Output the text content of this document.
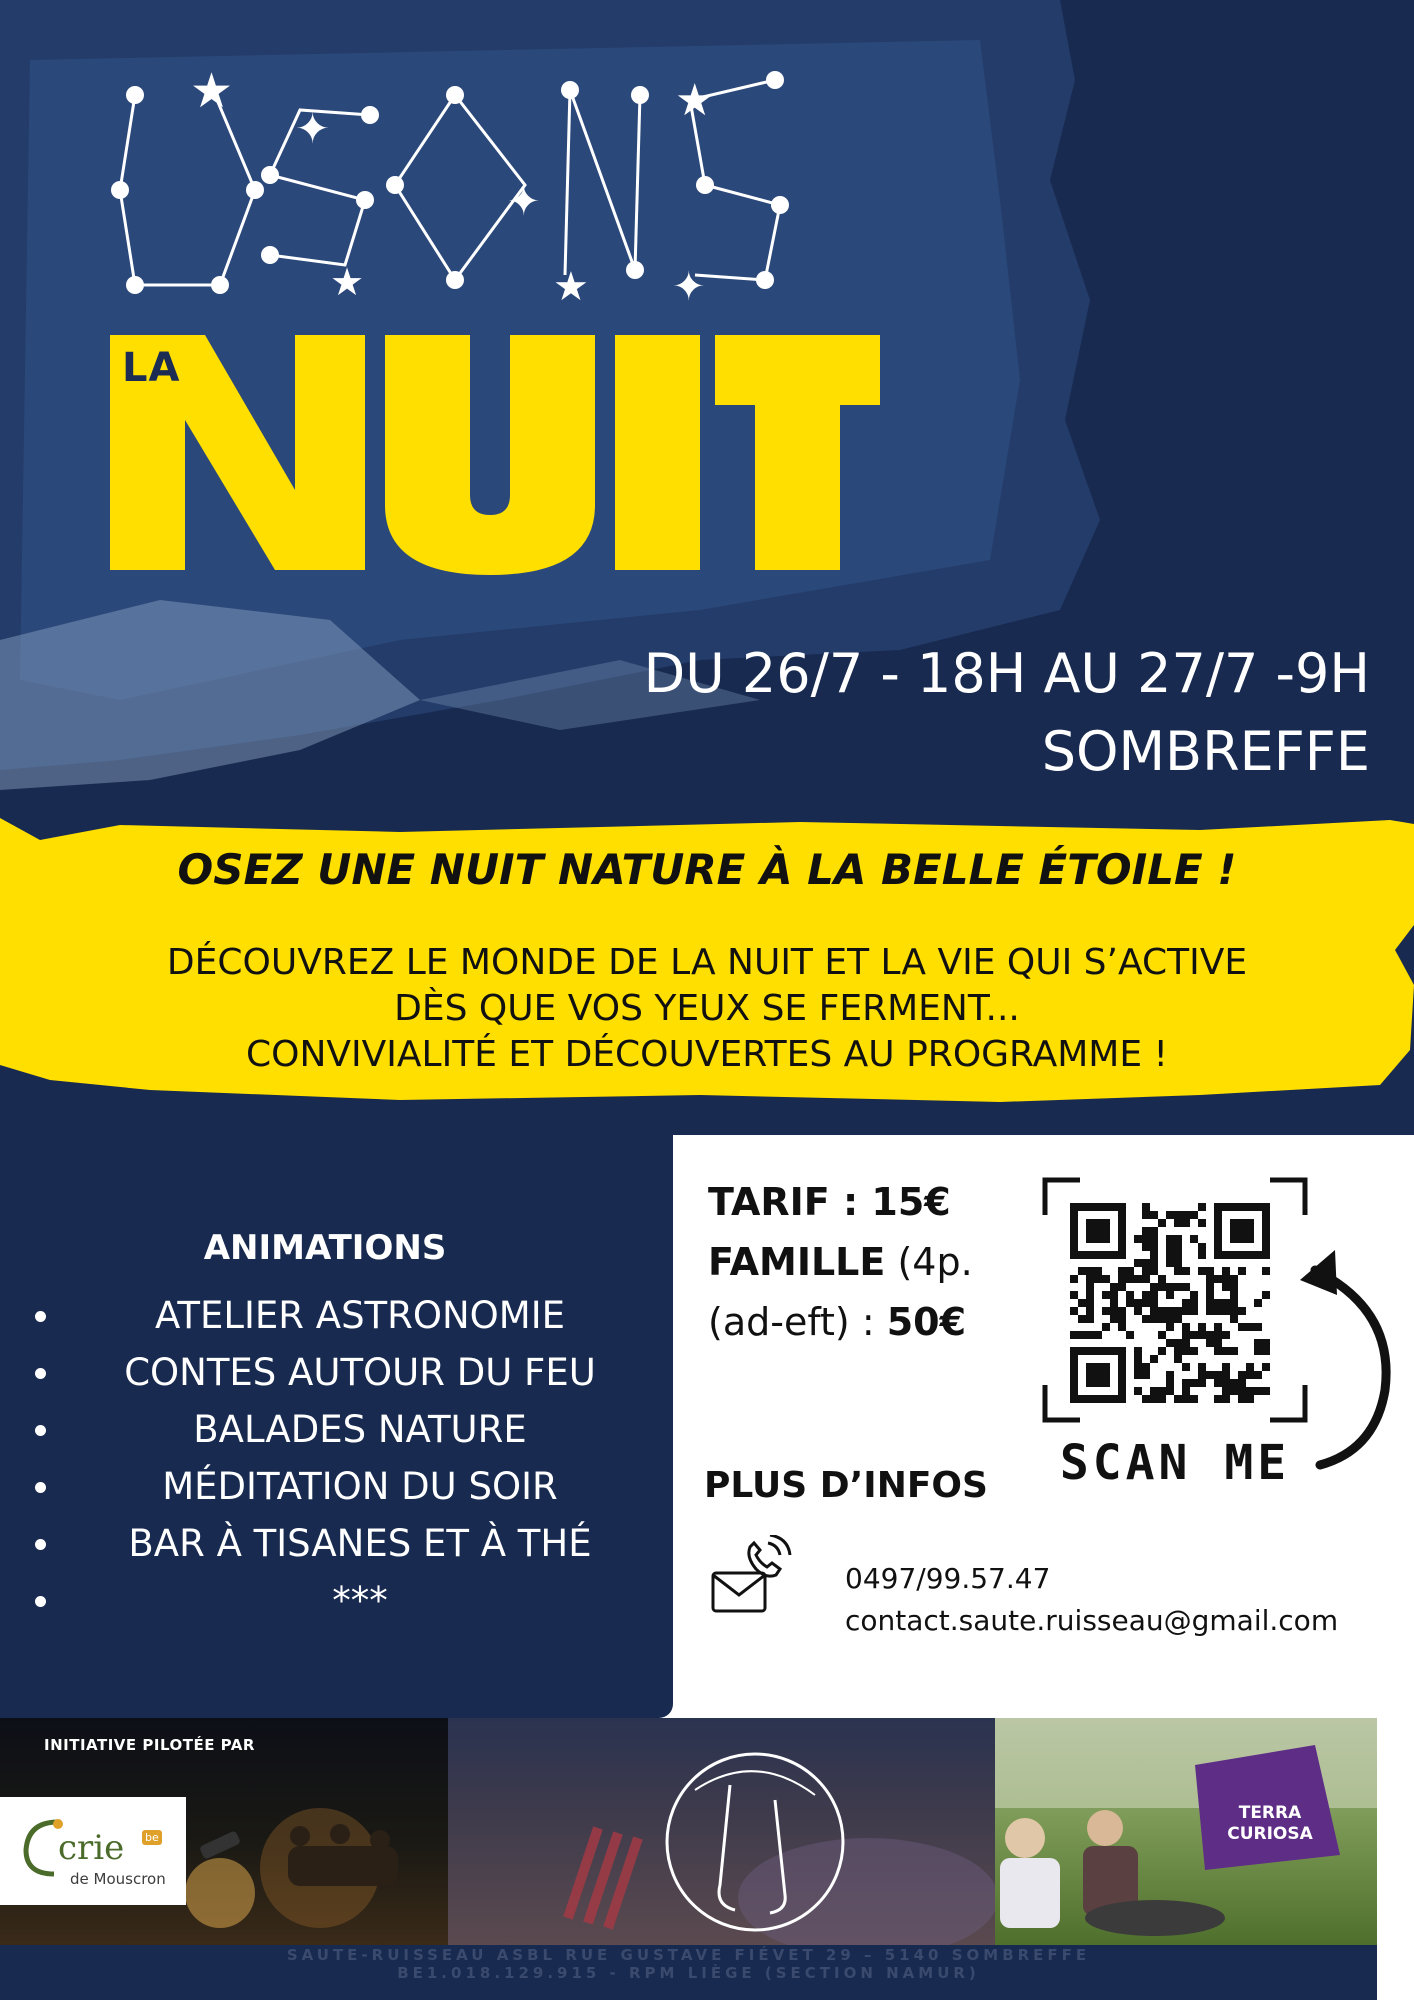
★
✦
★
✦
★
★
✦
LA
DU 26/7 - 18H AU 27/7 -9H
SOMBREFFE
OSEZ UNE NUIT NATURE À LA BELLE ÉTOILE !
DÉCOUVREZ LE MONDE DE LA NUIT ET LA VIE QUI S’ACTIVE
DÈS QUE VOS YEUX SE FERMENT...
CONVIVIALITÉ ET DÉCOUVERTES AU PROGRAMME !
ANIMATIONS
ATELIER ASTRONOMIE
CONTES AUTOUR DU FEU
BALADES NATURE
MÉDITATION DU SOIR
BAR À TISANES ET À THÉ
***
TARIF : 15€
FAMILLE (4p.
(ad-eft) : 50€
SCAN ME
PLUS D’INFOS
0497/99.57.47
contact.saute.ruisseau@gmail.com
INITIATIVE PILOTÉE PAR
crie be
de Mouscron
TERRA
CURIOSA
SAUTE-RUISSEAU ASBL RUE GUSTAVE FIÉVET 29 – 5140 SOMBREFFE
BE1.018.129.915 - RPM LIÈGE (SECTION NAMUR)
